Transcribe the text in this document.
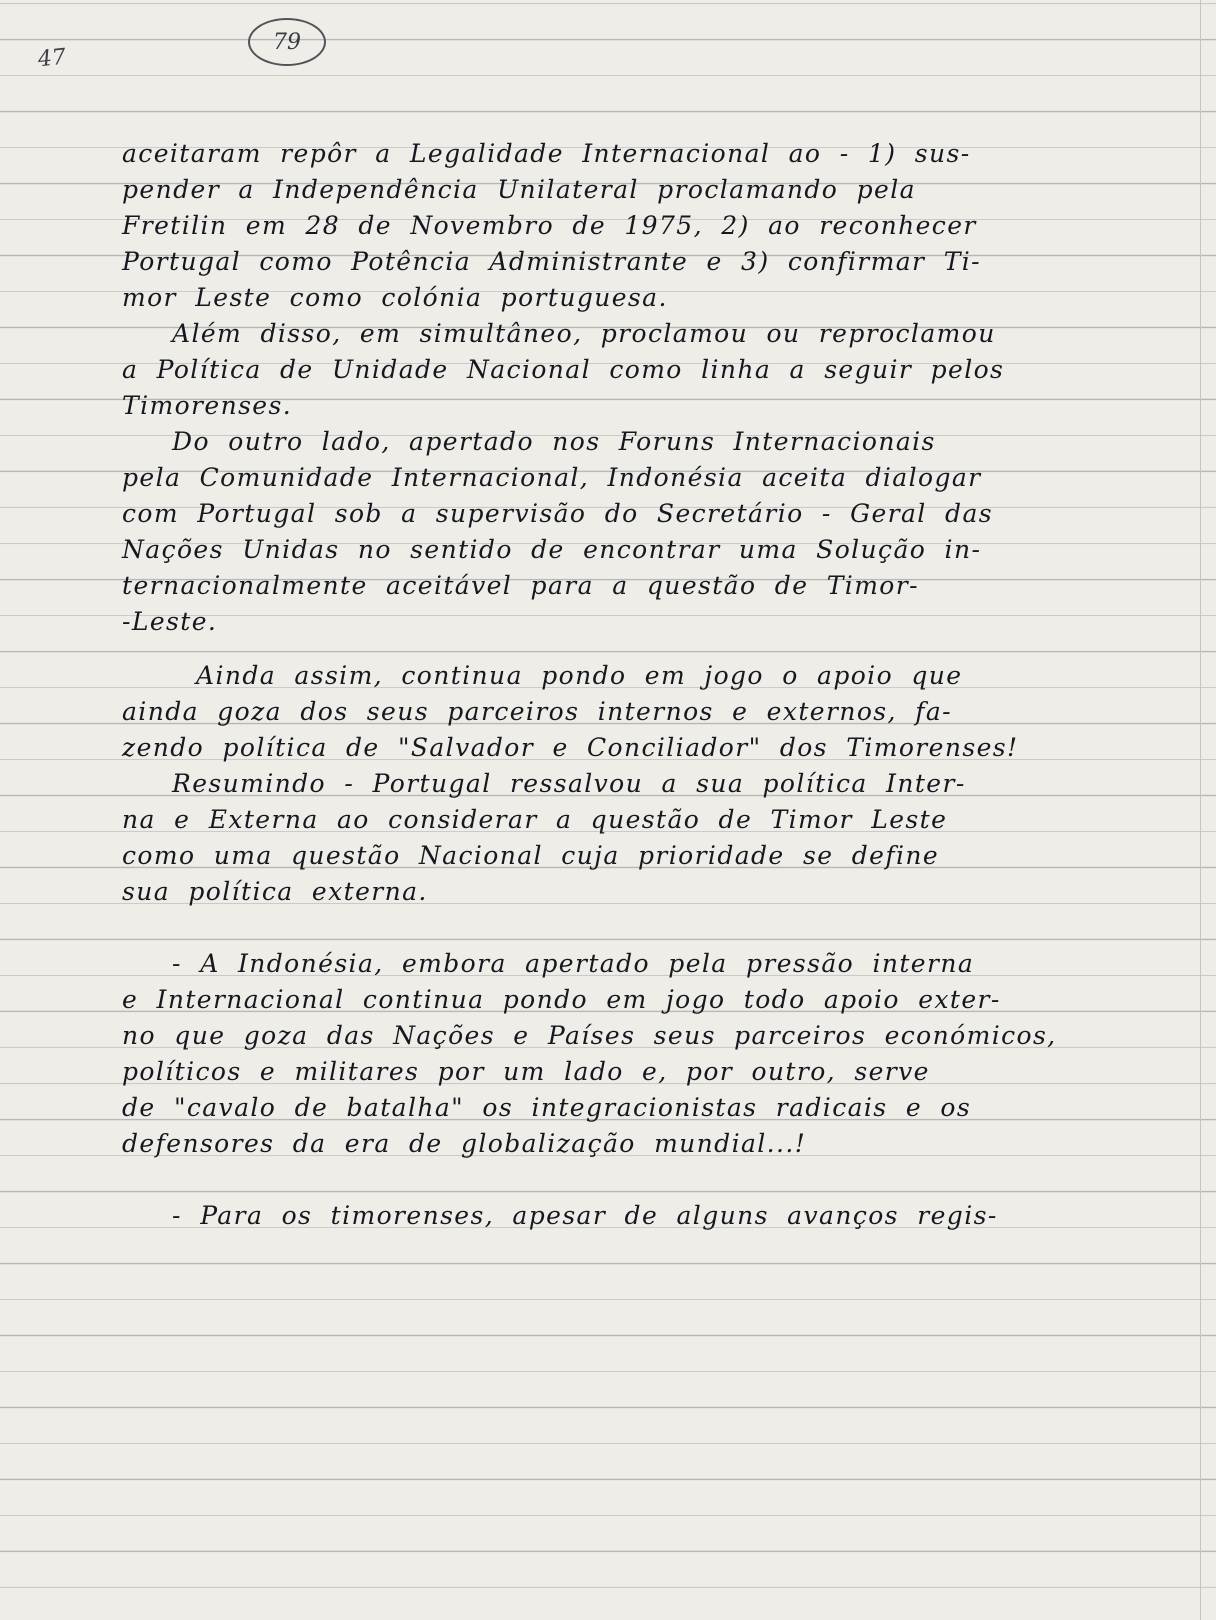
47
79
aceitaram repôr a Legalidade Internacional ao - 1) sus-
pender a Independência Unilateral proclamando pela
Fretilin em 28 de Novembro de 1975, 2) ao reconhecer
Portugal como Potência Administrante e 3) confirmar Ti-
mor Leste como colónia portuguesa.
Além disso, em simultâneo, proclamou ou reproclamou
a Política de Unidade Nacional como linha a seguir pelos
Timorenses.
Do outro lado, apertado nos Foruns Internacionais
pela Comunidade Internacional, Indonésia aceita dialogar
com Portugal sob a supervisão do Secretário - Geral das
Nações Unidas no sentido de encontrar uma Solução in-
ternacionalmente aceitável para a questão de Timor-
-Leste.
Ainda assim, continua pondo em jogo o apoio que
ainda goza dos seus parceiros internos e externos, fa-
zendo política de "Salvador e Conciliador" dos Timorenses!
Resumindo - Portugal ressalvou a sua política Inter-
na e Externa ao considerar a questão de Timor Leste
como uma questão Nacional cuja prioridade se define
sua política externa.
- A Indonésia, embora apertado pela pressão interna
e Internacional continua pondo em jogo todo apoio exter-
no que goza das Nações e Países seus parceiros económicos,
políticos e militares por um lado e, por outro, serve
de "cavalo de batalha" os integracionistas radicais e os
defensores da era de globalização mundial...!
- Para os timorenses, apesar de alguns avanços regis-
